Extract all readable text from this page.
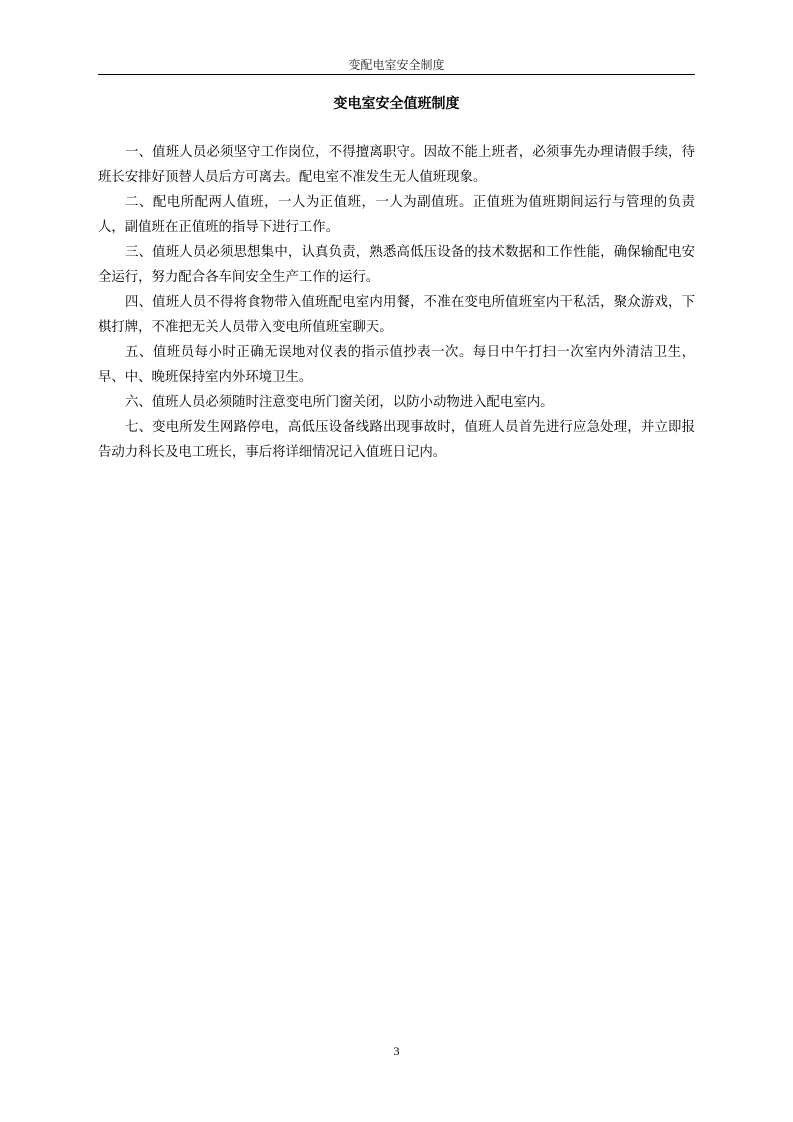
变配电室安全制度
变电室安全值班制度

一、值班人员必须坚守工作岗位，不得擅离职守。因故不能上班者，必须事先办理请假手续，待班长安排好顶替人员后方可离去。配电室不准发生无人值班现象。

二、配电所配两人值班，一人为正值班，一人为副值班。正值班为值班期间运行与管理的负责人，副值班在正值班的指导下进行工作。

三、值班人员必须思想集中，认真负责，熟悉高低压设备的技术数据和工作性能，确保输配电安全运行，努力配合各车间安全生产工作的运行。

四、值班人员不得将食物带入值班配电室内用餐，不准在变电所值班室内干私活，聚众游戏，下棋打牌，不准把无关人员带入变电所值班室聊天。

五、值班员每小时正确无误地对仪表的指示值抄表一次。每日中午打扫一次室内外清洁卫生，早、中、晚班保持室内外环境卫生。

六、值班人员必须随时注意变电所门窗关闭，以防小动物进入配电室内。

七、变电所发生网路停电，高低压设备线路出现事故时，值班人员首先进行应急处理，并立即报告动力科长及电工班长，事后将详细情况记入值班日记内。

3
